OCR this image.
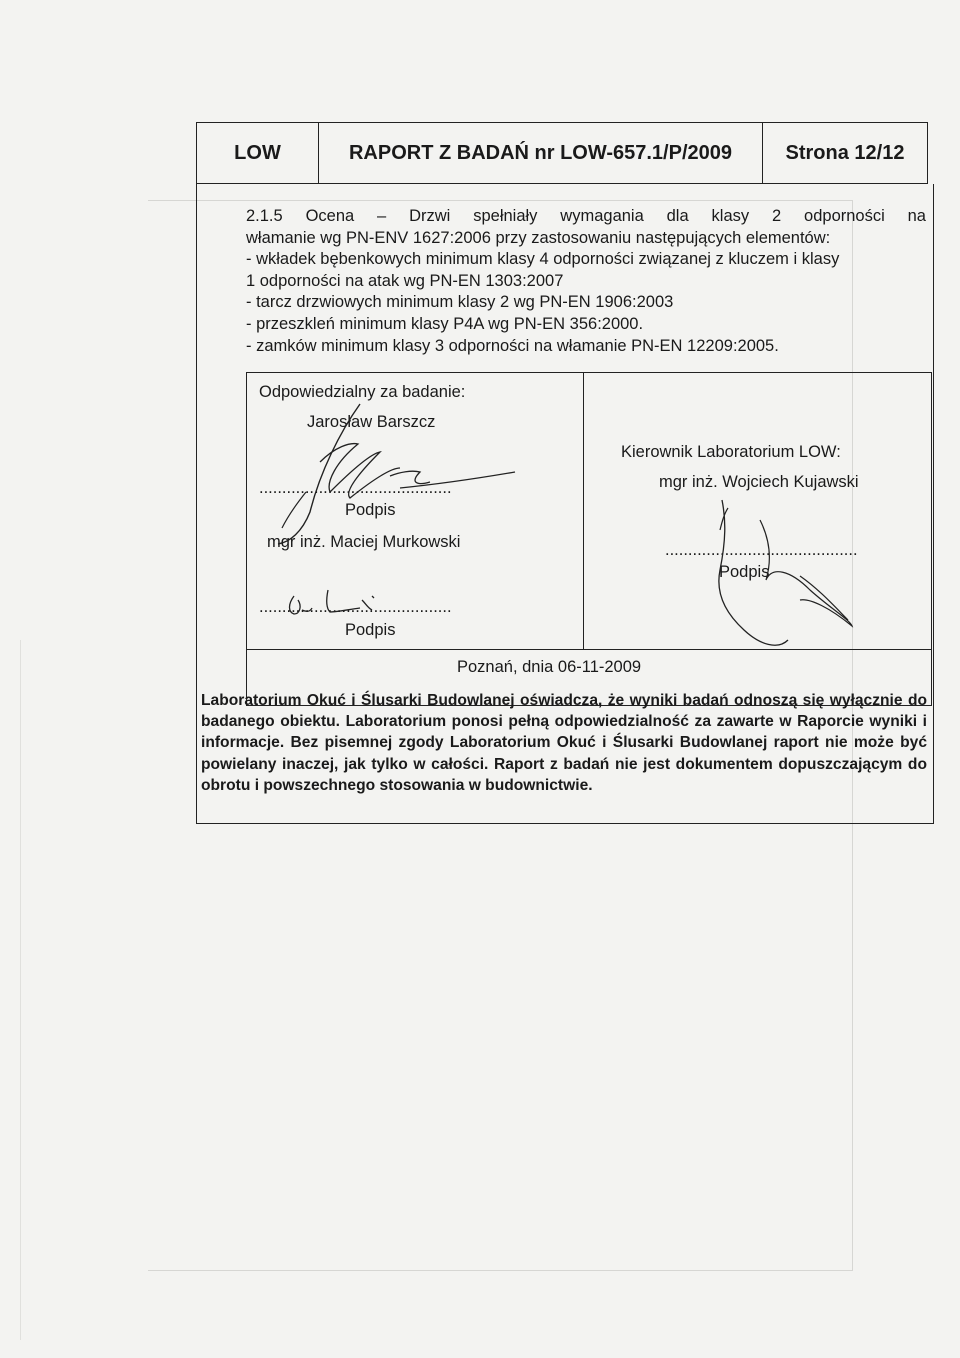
LOW	RAPORT Z BADAŃ nr LOW-657.1/P/2009	Strona 12/12

2.1.5 Ocena – Drzwi spełniały wymagania dla klasy 2 odporności na

włamanie wg PN-ENV 1627:2006 przy zastosowaniu następujących elementów:

- wkładek bębenkowych minimum klasy 4 odporności związanej z kluczem i klasy

1 odporności na atak wg PN-EN 1303:2007

- tarcz drzwiowych minimum klasy 2 wg PN-EN 1906:2003

- przeszkleń minimum klasy P4A wg PN-EN 356:2000.

- zamków minimum klasy 3 odporności na włamanie PN-EN 12209:2005.

Odpowiedzialny za badanie:
Jarosław Barszcz
..........................................
Podpis
mgr inż. Maciej Murkowski
..........................................
Podpis
Kierownik Laboratorium LOW:
mgr inż. Wojciech Kujawski
..........................................
Podpis
Poznań, dnia 06-11-2009

Laboratorium Okuć i Ślusarki Budowlanej oświadcza, że wyniki badań odnoszą się wyłącznie do badanego obiektu. Laboratorium ponosi pełną odpowiedzialność za zawarte w Raporcie wyniki i informacje. Bez pisemnej zgody Laboratorium Okuć i Ślusarki Budowlanej raport nie może być powielany inaczej, jak tylko w całości. Raport z badań nie jest dokumentem dopuszczającym do obrotu i powszechnego stosowania w budownictwie.
